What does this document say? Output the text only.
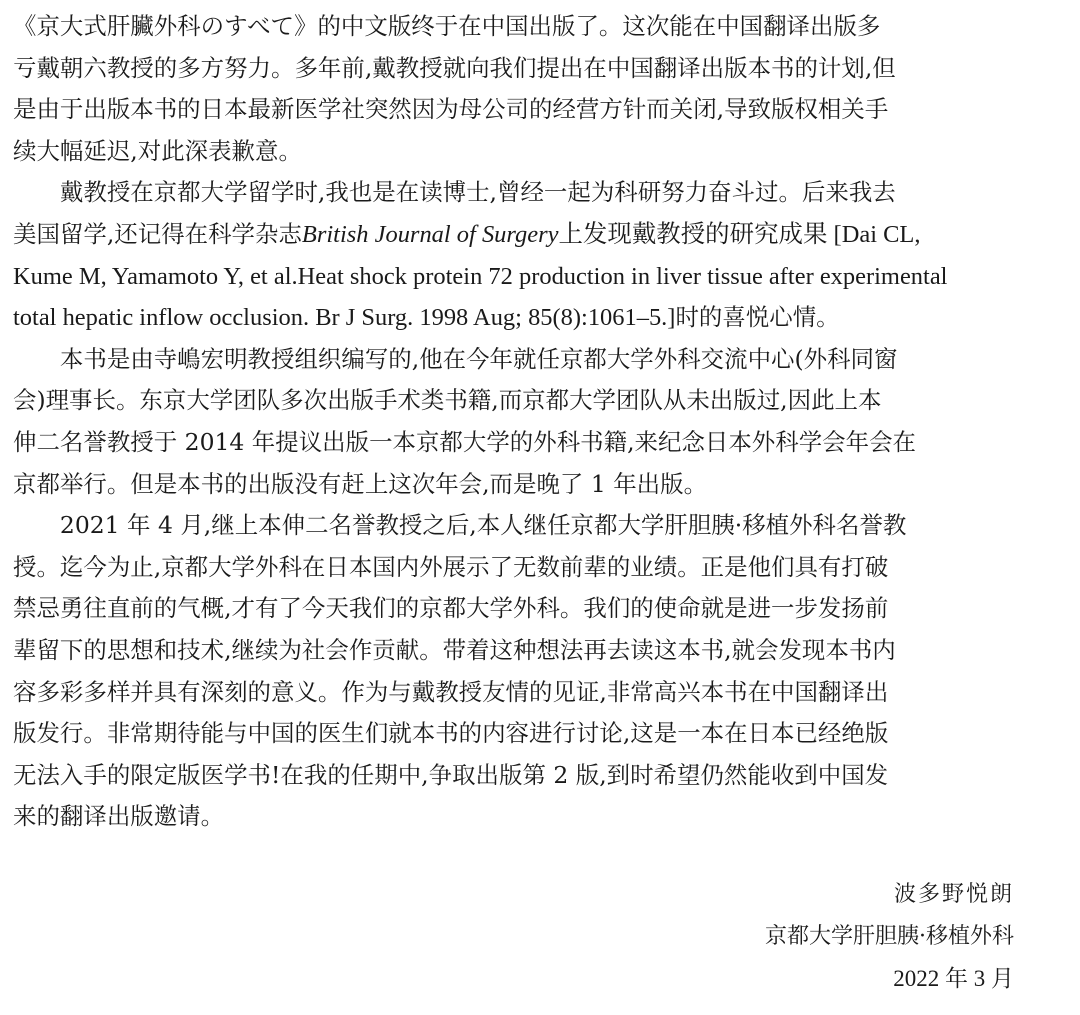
《京大式肝臟外科のすべて》的中文版终于在中国出版了。这次能在中国翻译出版多
亏戴朝六教授的多方努力。多年前,戴教授就向我们提出在中国翻译出版本书的计划,但
是由于出版本书的日本最新医学社突然因为母公司的经营方针而关闭,导致版权相关手
续大幅延迟,对此深表歉意。
戴教授在京都大学留学时,我也是在读博士,曾经一起为科研努力奋斗过。后来我去
美国留学,还记得在科学杂志 British Journal of Surgery 上发现戴教授的研究成果 [Dai CL,
Kume M, Yamamoto Y, et al.Heat shock protein 72 production in liver tissue after experimental
total hepatic inflow occlusion. Br J Surg. 1998 Aug; 85(8):1061–5.] 时的喜悦心情。
本书是由寺嶋宏明教授组织编写的,他在今年就任京都大学外科交流中心(外科同窗
会)理事长。东京大学团队多次出版手术类书籍,而京都大学团队从未出版过,因此上本
伸二名誉教授于 2014 年提议出版一本京都大学的外科书籍,来纪念日本外科学会年会在
京都举行。但是本书的出版没有赶上这次年会,而是晚了 1 年出版。
2021 年 4 月,继上本伸二名誉教授之后,本人继任京都大学肝胆胰·移植外科名誉教
授。迄今为止,京都大学外科在日本国内外展示了无数前辈的业绩。正是他们具有打破
禁忌勇往直前的气概,才有了今天我们的京都大学外科。我们的使命就是进一步发扬前
辈留下的思想和技术,继续为社会作贡献。带着这种想法再去读这本书,就会发现本书内
容多彩多样并具有深刻的意义。作为与戴教授友情的见证,非常高兴本书在中国翻译出
版发行。非常期待能与中国的医生们就本书的内容进行讨论,这是一本在日本已经绝版
无法入手的限定版医学书!在我的任期中,争取出版第 2 版,到时希望仍然能收到中国发
来的翻译出版邀请。
波多野悦朗
京都大学肝胆胰·移植外科
2022 年 3 月
